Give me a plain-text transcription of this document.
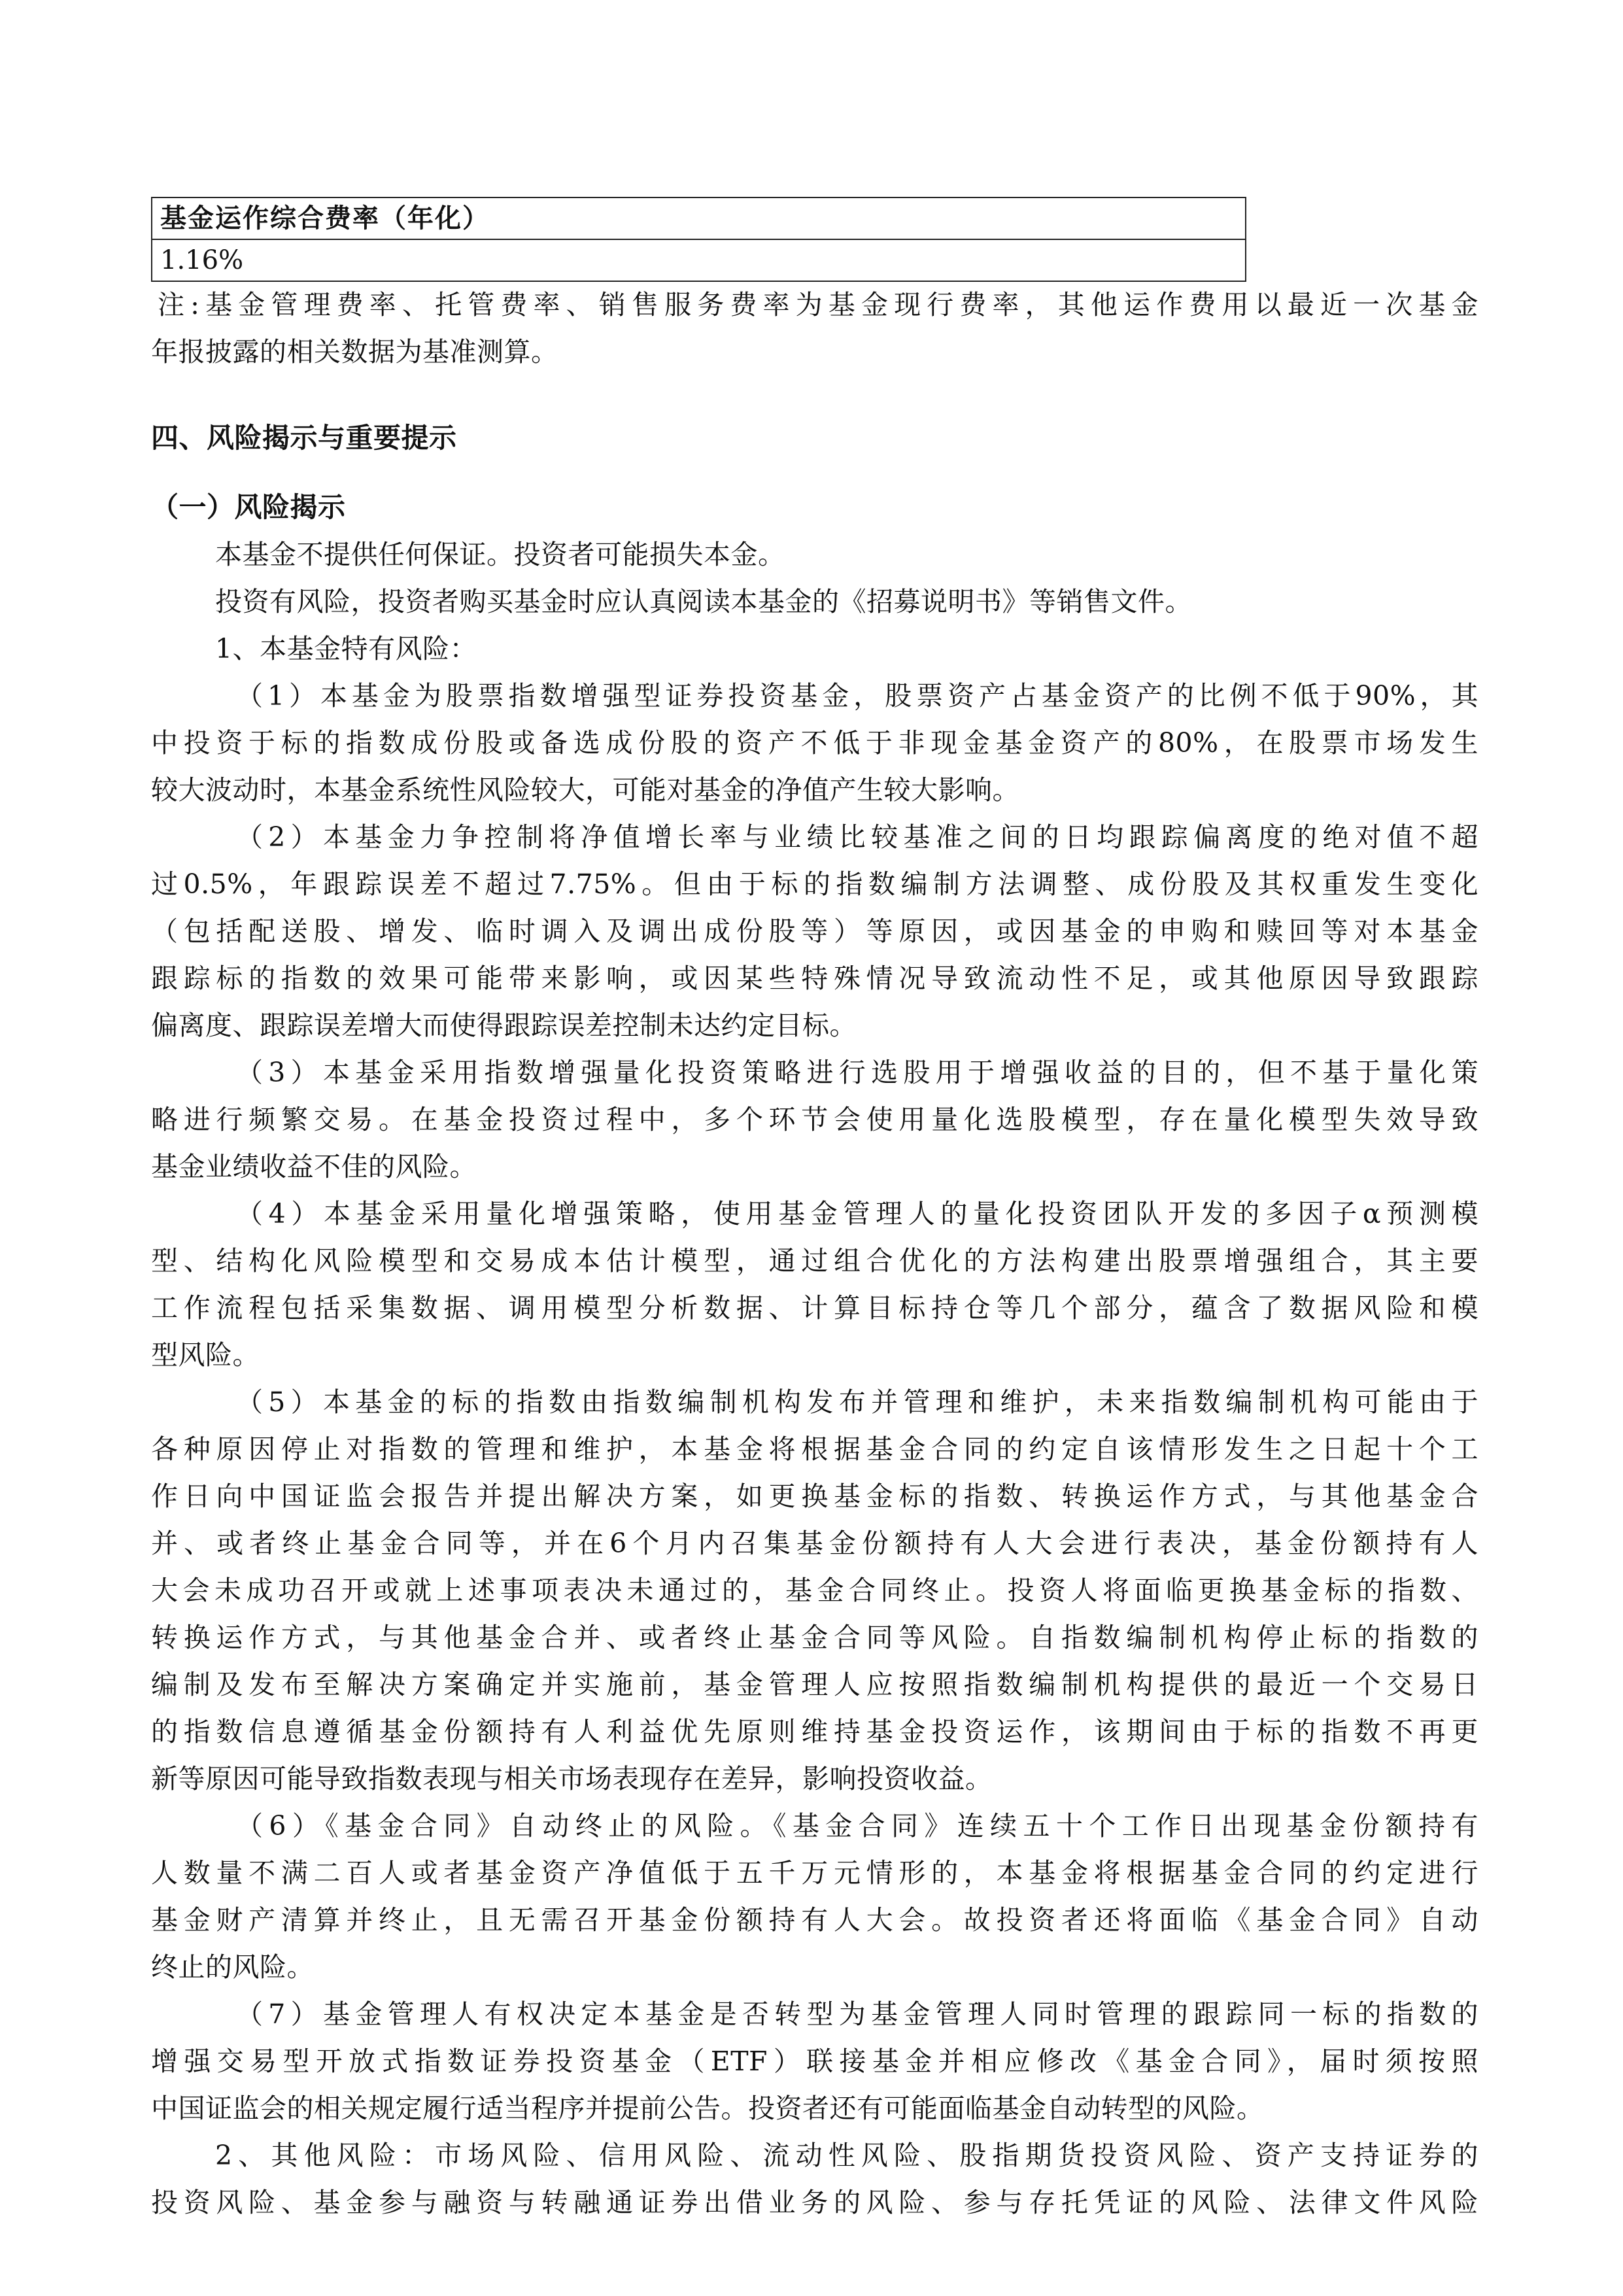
基金运作综合费率（年化）
1.16%
注:基金管理费率、托管费率、销售服务费率为基金现行费率，其他运作费用以最近一次基金
年报披露的相关数据为基准测算。
四、风险揭示与重要提示
（一）风险揭示
本基金不提供任何保证。投资者可能损失本金。
投资有风险，投资者购买基金时应认真阅读本基金的《招募说明书》等销售文件。
1、本基金特有风险：
（1）本基金为股票指数增强型证券投资基金，股票资产占基金资产的比例不低于90%，其
中投资于标的指数成份股或备选成份股的资产不低于非现金基金资产的80%，在股票市场发生
较大波动时，本基金系统性风险较大，可能对基金的净值产生较大影响。
（2）本基金力争控制将净值增长率与业绩比较基准之间的日均跟踪偏离度的绝对值不超
过0.5%，年跟踪误差不超过7.75%。但由于标的指数编制方法调整、成份股及其权重发生变化
（包括配送股、增发、临时调入及调出成份股等）等原因，或因基金的申购和赎回等对本基金
跟踪标的指数的效果可能带来影响，或因某些特殊情况导致流动性不足，或其他原因导致跟踪
偏离度、跟踪误差增大而使得跟踪误差控制未达约定目标。
（3）本基金采用指数增强量化投资策略进行选股用于增强收益的目的，但不基于量化策
略进行频繁交易。在基金投资过程中，多个环节会使用量化选股模型，存在量化模型失效导致
基金业绩收益不佳的风险。
（4）本基金采用量化增强策略，使用基金管理人的量化投资团队开发的多因子α预测模
型、结构化风险模型和交易成本估计模型，通过组合优化的方法构建出股票增强组合，其主要
工作流程包括采集数据、调用模型分析数据、计算目标持仓等几个部分，蕴含了数据风险和模
型风险。
（5）本基金的标的指数由指数编制机构发布并管理和维护，未来指数编制机构可能由于
各种原因停止对指数的管理和维护，本基金将根据基金合同的约定自该情形发生之日起十个工
作日向中国证监会报告并提出解决方案，如更换基金标的指数、转换运作方式，与其他基金合
并、或者终止基金合同等，并在6个月内召集基金份额持有人大会进行表决，基金份额持有人
大会未成功召开或就上述事项表决未通过的，基金合同终止。投资人将面临更换基金标的指数、
转换运作方式，与其他基金合并、或者终止基金合同等风险。自指数编制机构停止标的指数的
编制及发布至解决方案确定并实施前，基金管理人应按照指数编制机构提供的最近一个交易日
的指数信息遵循基金份额持有人利益优先原则维持基金投资运作，该期间由于标的指数不再更
新等原因可能导致指数表现与相关市场表现存在差异，影响投资收益。
（6）《基金合同》自动终止的风险。《基金合同》连续五十个工作日出现基金份额持有
人数量不满二百人或者基金资产净值低于五千万元情形的，本基金将根据基金合同的约定进行
基金财产清算并终止，且无需召开基金份额持有人大会。故投资者还将面临《基金合同》自动
终止的风险。
（7）基金管理人有权决定本基金是否转型为基金管理人同时管理的跟踪同一标的指数的
增强交易型开放式指数证券投资基金（ETF）联接基金并相应修改《基金合同》，届时须按照
中国证监会的相关规定履行适当程序并提前公告。投资者还有可能面临基金自动转型的风险。
2、其他风险：市场风险、信用风险、流动性风险、股指期货投资风险、资产支持证券的
投资风险、基金参与融资与转融通证券出借业务的风险、参与存托凭证的风险、法律文件风险
